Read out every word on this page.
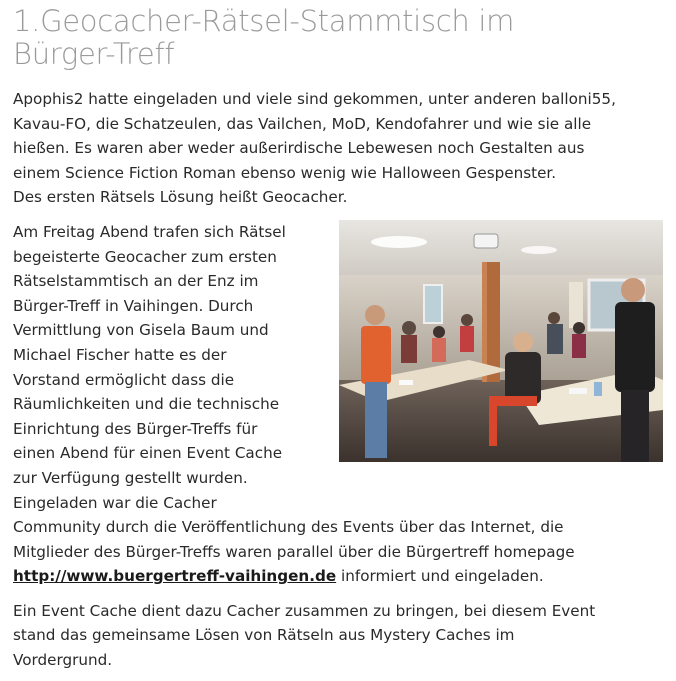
1.Geocacher-Rätsel-Stammtisch im
Bürger-Treff

Apophis2 hatte eingeladen und viele sind gekommen, unter anderen balloni55,
Kavau-FO, die Schatzeulen, das Vailchen, MoD, Kendofahrer und wie sie alle
hießen. Es waren aber weder außerirdische Lebewesen noch Gestalten aus
einem Science Fiction Roman ebenso wenig wie Halloween Gespenster.
Des ersten Rätsels Lösung heißt Geocacher.

Am Freitag Abend trafen sich Rätsel
begeisterte Geocacher zum ersten
Rätselstammtisch an der Enz im
Bürger-Treff in Vaihingen. Durch
Vermittlung von Gisela Baum und
Michael Fischer hatte es der
Vorstand ermöglicht dass die
Räumlichkeiten und die technische
Einrichtung des Bürger-Treffs für
einen Abend für einen Event Cache
zur Verfügung gestellt wurden.
Eingeladen war die Cacher
Community durch die Veröffentlichung des Events über das Internet, die
Mitglieder des Bürger-Treffs waren parallel über die Bürgertreff homepage
http://www.buergertreff-vaihingen.de informiert und eingeladen.

Ein Event Cache dient dazu Cacher zusammen zu bringen, bei diesem Event
stand das gemeinsame Lösen von Rätseln aus Mystery Caches im
Vordergrund.
